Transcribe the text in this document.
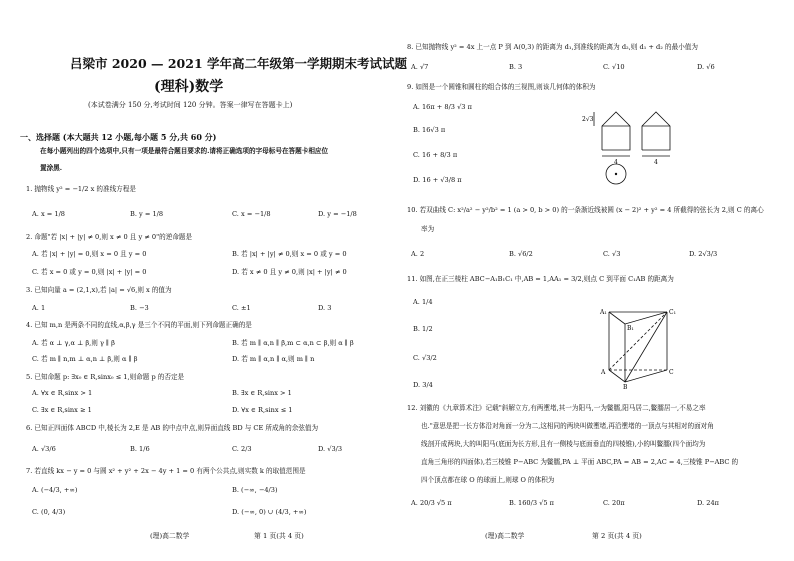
吕梁市 2020 — 2021 学年高二年级第一学期期末考试试题
(理科)数学
(本试卷满分 150 分,考试时间 120 分钟。答案一律写在答题卡上)
一、选择题 (本大题共 12 小题,每小题 5 分,共 60 分)
在每小题列出的四个选项中,只有一项是最符合题目要求的.请将正确选项的字母标号在答题卡相应位
置涂黑.
1. 抛物线 y² = −1/2 x 的准线方程是
A. x = 1/8	B. y = 1/8	C. x = −1/8	D. y = −1/8
2. 命题"若 |x| + |y| ≠ 0,则 x ≠ 0 且 y ≠ 0"的逆命题是
A. 若 |x| + |y| = 0,则 x = 0 且 y = 0	B. 若 |x| + |y| ≠ 0,则 x = 0 或 y = 0
C. 若 x = 0 或 y = 0,则 |x| + |y| = 0	D. 若 x ≠ 0 且 y ≠ 0,则 |x| + |y| ≠ 0
3. 已知向量 a = (2,1,x),若 |a| = √6,则 x 的值为
A. 1	B. −3	C. ±1	D. 3
4. 已知 m,n 是两条不同的直线,α,β,γ 是三个不同的平面,则下列命题正确的是
A. 若 α ⊥ γ,α ⊥ β,则 γ ∥ β	B. 若 m ∥ α,n ∥ β,m ⊂ α,n ⊂ β,则 α ∥ β
C. 若 m ∥ n,m ⊥ α,n ⊥ β,则 α ∥ β	D. 若 m ∥ α,n ∥ α,则 m ∥ n
5. 已知命题 p: ∃x₀ ∈ R,sinx₀ ≤ 1,则命题 p 的否定是
A. ∀x ∈ R,sinx > 1	B. ∃x ∈ R,sinx > 1
C. ∃x ∈ R,sinx ≥ 1	D. ∀x ∈ R,sinx ≤ 1
6. 已知正四面体 ABCD 中,棱长为 2,E 是 AB 的中点中点,则异面直线 BD 与 CE 所成角的余弦值为
A. √3/6	B. 1/6	C. 2/3	D. √3/3
7. 若直线 kx − y = 0 与圆 x² + y² + 2x − 4y + 1 = 0 有两个公共点,则实数 k 的取值范围是
A. (−4/3, +∞)	B. (−∞, −4/3)
C. (0, 4/3)	D. (−∞, 0) ∪ (4/3, +∞)
(理)高二数学	第 1 页(共 4 页)
8. 已知抛物线 y² = 4x 上一点 P 到 A(0,3) 的距离为 d₁,到准线的距离为 d₂,则 d₁ + d₂ 的最小值为
A. √7	B. 3	C. √10	D. √6
9. 如图是一个圆锥和圆柱的组合体的三视图,则该几何体的体积为
A. 16π + 8/3 √3 π
B. 16√3 π
C. 16 + 8/3 π
D. 16 + √3/8 π
2√3
4	4
10. 若双曲线 C: x²/a² − y²/b² = 1 (a > 0, b > 0) 的一条渐近线被圆 (x − 2)² + y² = 4 所截得的弦长为 2,则 C 的离心
率为
A. 2	B. √6/2	C. √3	D. 2√3/3
11. 如图,在正三棱柱 ABC−A₁B₁C₁ 中,AB = 1,AA₁ = 3/2,则点 C 到平面 C₁AB 的距离为
A. 1/4
B. 1/2
C. √3/2
D. 3/4
A₁
B₁
C₁
A
B
C
12. 刘徽的《九章算术注》记载"斜解立方,有两壍堵,其一为阳马,一为鳖臑,阳马居二,鳖臑居一,不易之率
也."意思是把一长方体沿对角面一分为二,这相同的两块叫做壍堵,再沿壍堵的一顶点与其相对的面对角
线剖开成两块,大的叫阳马(底面为长方形,且有一侧棱与底面垂直的四棱锥),小的叫鳖臑(四个面均为
直角三角形的四面体),若三棱锥 P−ABC 为鳖臑,PA ⊥ 平面 ABC,PA = AB = 2,AC = 4,三棱锥 P−ABC 的
四个顶点都在球 O 的球面上,则球 O 的体积为
A. 20/3 √5 π	B. 160/3 √5 π	C. 20π	D. 24π
(理)高二数学	第 2 页(共 4 页)
